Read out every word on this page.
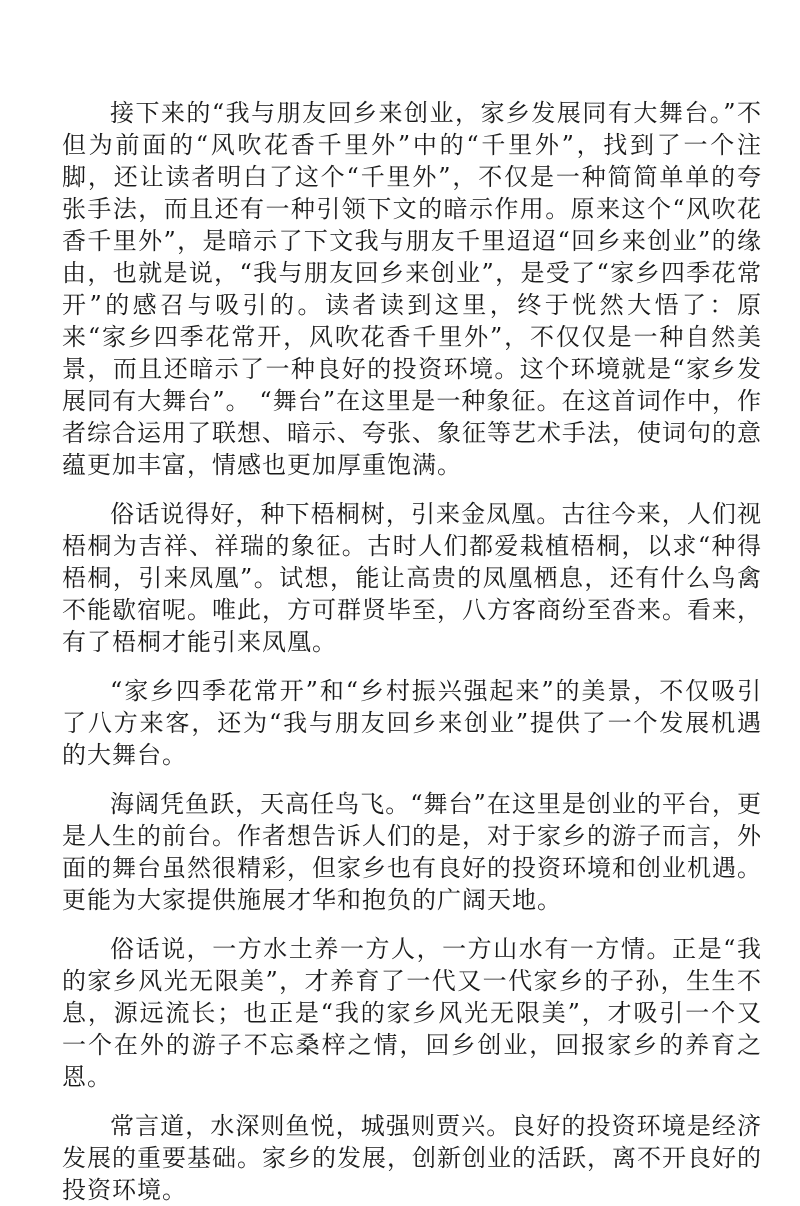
接下来的“我与朋友回乡来创业，家乡发展同有大舞台。”不但为前面的“风吹花香千里外”中的“千里外”，找到了一个注脚，还让读者明白了这个“千里外”，不仅是一种简简单单的夸张手法，而且还有一种引领下文的暗示作用。原来这个“风吹花香千里外”，是暗示了下文我与朋友千里迢迢“回乡来创业”的缘由，也就是说，“我与朋友回乡来创业”，是受了“家乡四季花常开”的感召与吸引的。读者读到这里，终于恍然大悟了：原来“家乡四季花常开，风吹花香千里外”，不仅仅是一种自然美景，而且还暗示了一种良好的投资环境。这个环境就是“家乡发展同有大舞台”。 “舞台”在这里是一种象征。在这首词作中，作者综合运用了联想、暗示、夸张、象征等艺术手法，使词句的意蕴更加丰富，情感也更加厚重饱满。

俗话说得好，种下梧桐树，引来金凤凰。古往今来，人们视梧桐为吉祥、祥瑞的象征。古时人们都爱栽植梧桐，以求“种得梧桐，引来凤凰”。试想，能让高贵的凤凰栖息，还有什么鸟禽不能歇宿呢。唯此，方可群贤毕至，八方客商纷至沓来。看来，有了梧桐才能引来凤凰。

“家乡四季花常开”和“乡村振兴强起来”的美景，不仅吸引了八方来客，还为“我与朋友回乡来创业”提供了一个发展机遇的大舞台。

海阔凭鱼跃，天高任鸟飞。“舞台”在这里是创业的平台，更是人生的前台。作者想告诉人们的是，对于家乡的游子而言，外面的舞台虽然很精彩，但家乡也有良好的投资环境和创业机遇。更能为大家提供施展才华和抱负的广阔天地。

俗话说，一方水土养一方人，一方山水有一方情。正是“我的家乡风光无限美”，才养育了一代又一代家乡的子孙，生生不息，源远流长；也正是“我的家乡风光无限美”，才吸引一个又一个在外的游子不忘桑梓之情，回乡创业，回报家乡的养育之恩。

常言道，水深则鱼悦，城强则贾兴。良好的投资环境是经济发展的重要基础。家乡的发展，创新创业的活跃，离不开良好的投资环境。
